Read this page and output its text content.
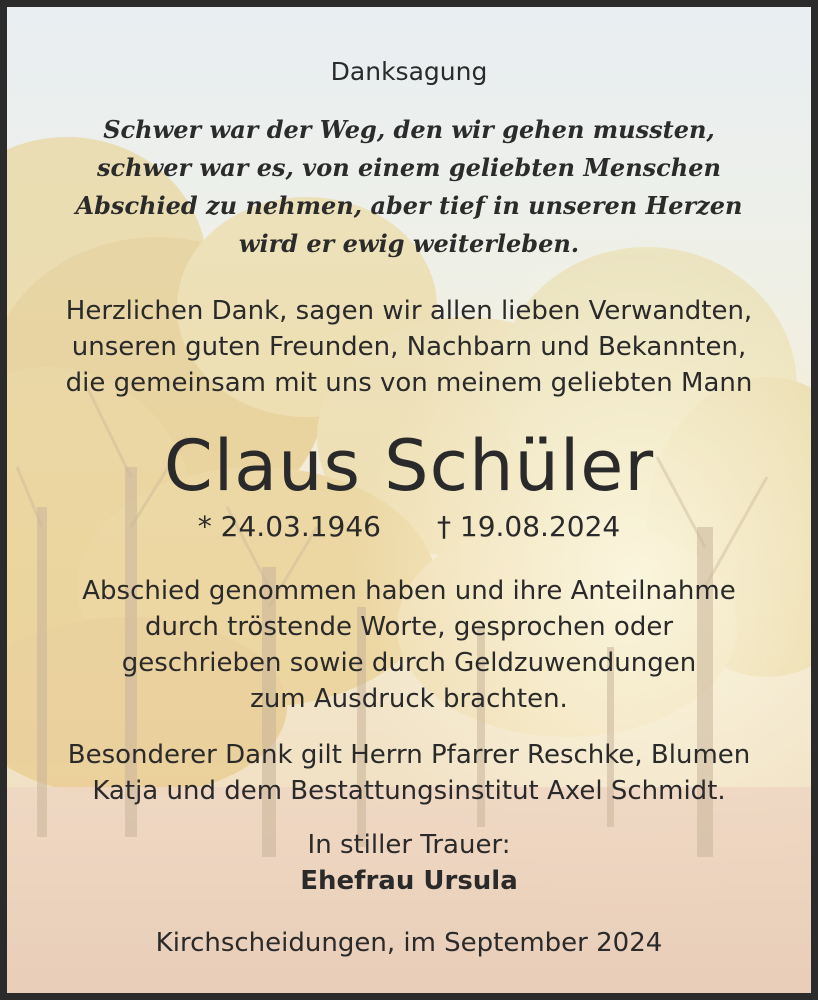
Danksagung
Schwer war der Weg, den wir gehen mussten,
schwer war es, von einem geliebten Menschen
Abschied zu nehmen, aber tief in unseren Herzen
wird er ewig weiterleben.
Herzlichen Dank, sagen wir allen lieben Verwandten,
unseren guten Freunden, Nachbarn und Bekannten,
die gemeinsam mit uns von meinem geliebten Mann
Claus Schüler
* 24.03.1946 † 19.08.2024
Abschied genommen haben und ihre Anteilnahme
durch tröstende Worte, gesprochen oder
geschrieben sowie durch Geldzuwendungen
zum Ausdruck brachten.
Besonderer Dank gilt Herrn Pfarrer Reschke, Blumen
Katja und dem Bestattungsinstitut Axel Schmidt.
In stiller Trauer:
Ehefrau Ursula
Kirchscheidungen, im September 2024
